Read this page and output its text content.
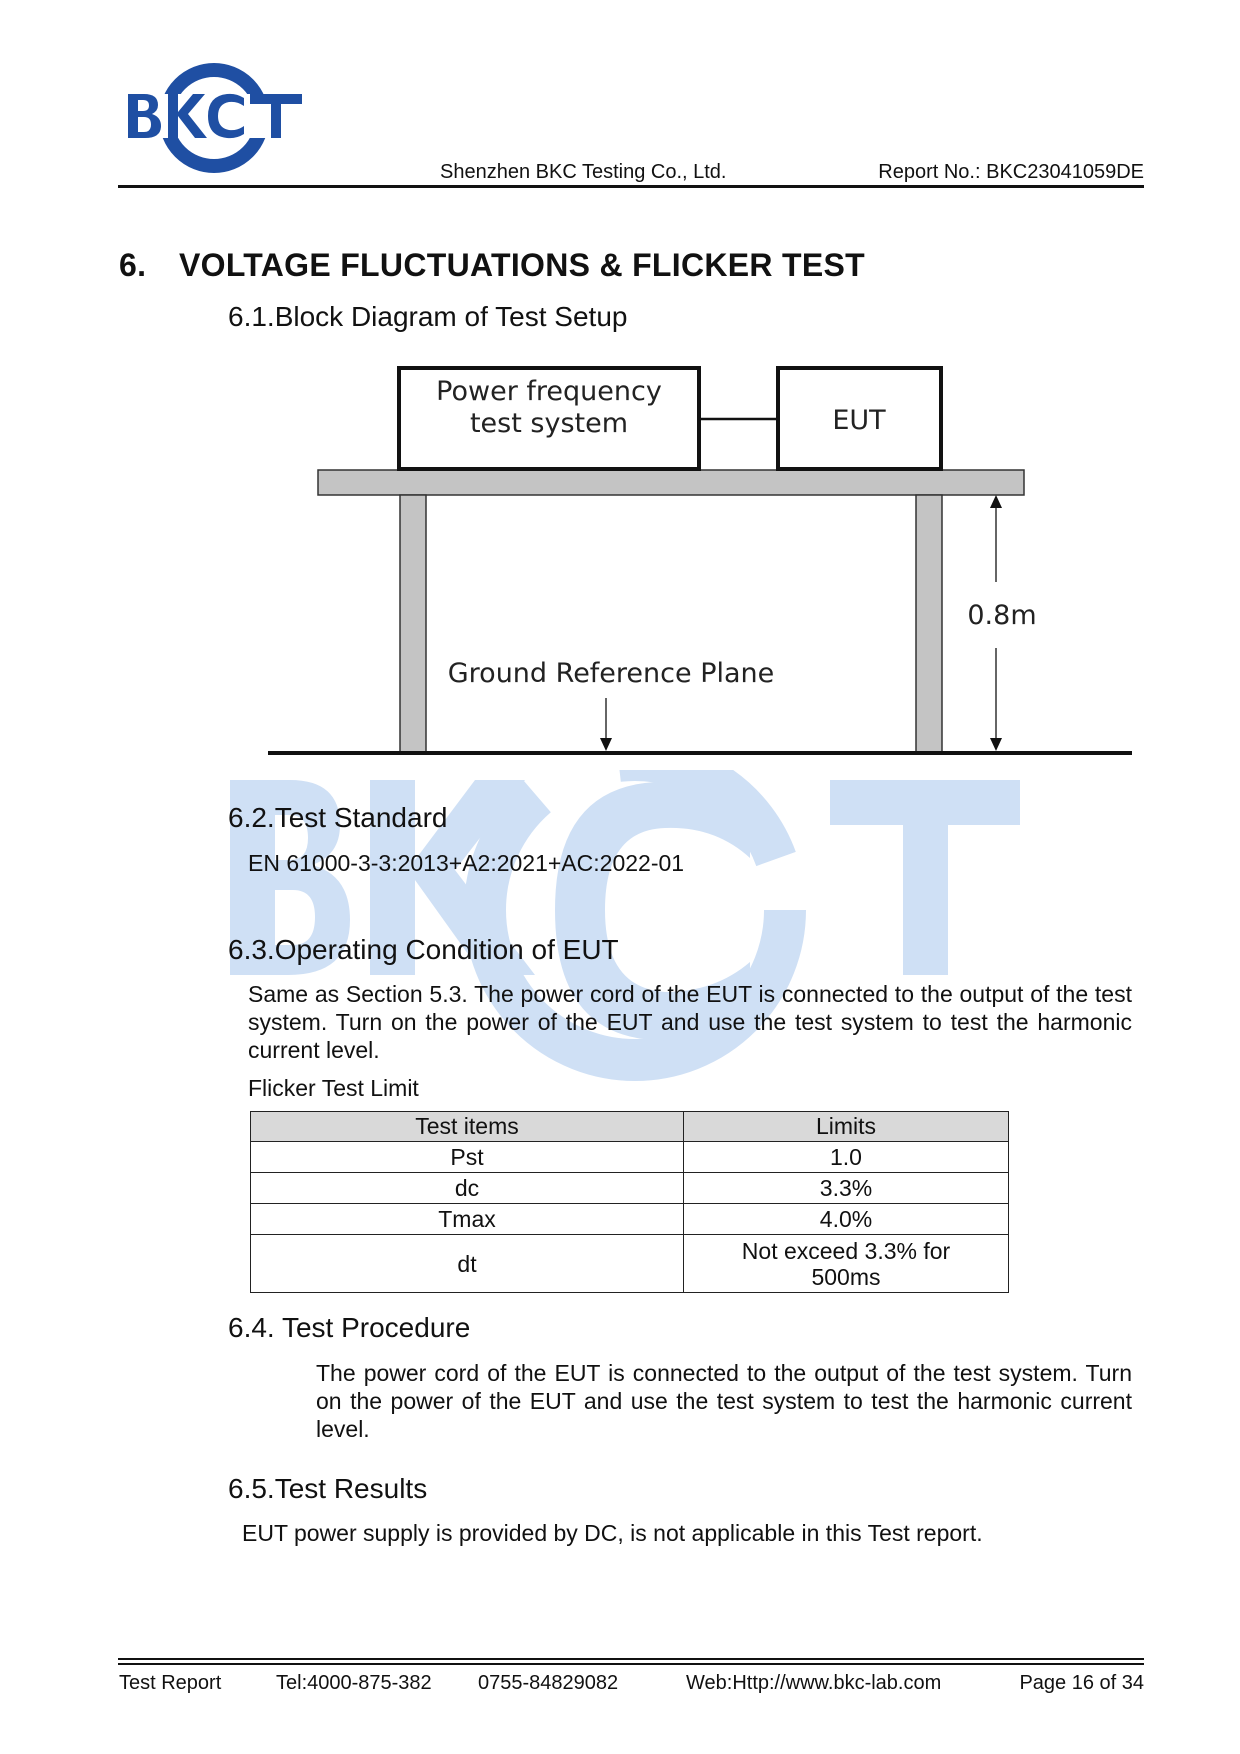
Shenzhen BKC Testing Co., Ltd.	Report No.: BKC23041059DE
6. VOLTAGE FLUCTUATIONS & FLICKER TEST
6.1.Block Diagram of Test Setup
Power frequency
test system	EUT
0.8m
Ground Reference Plane
6.2.Test Standard
EN 61000-3-3:2013+A2:2021+AC:2022-01
6.3.Operating Condition of EUT
Same as Section 5.3. The power cord of the EUT is connected to the output of the test system. Turn on the power of the EUT and use the test system to test the harmonic current level.
Flicker Test Limit
Test items	Limits
Pst	1.0
dc	3.3%
Tmax	4.0%
dt	Not exceed 3.3% for
500ms
6.4. Test Procedure
The power cord of the EUT is connected to the output of the test system. Turn on the power of the EUT and use the test system to test the harmonic current level.
6.5.Test Results
EUT power supply is provided by DC, is not applicable in this Test report.
Test Report	Tel:4000-875-382 0755-84829082	Web:Http://www.bkc-lab.com	Page 16 of 34
